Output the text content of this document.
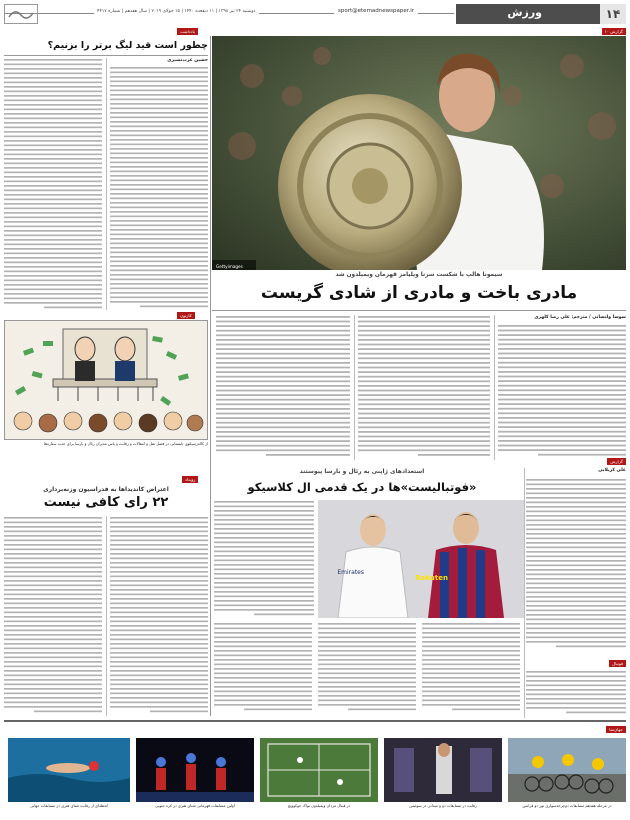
۱۴
ورزش
sport@etemadnewspaper.ir
دوشنبه ۲۴ تیر ۱۳۹۸ | ۱۱ ذیقعده ۱۴۴۰ | ۱۵ جولای ۲۰۱۹ | سال هفدهم | شماره ۴۴۱۷
گزارش ۱۰
Gettyimages
سیمونا هالپ با شکست سرنا ویلیامز قهرمان ویمبلدون شد
مادری باخت و مادری از شادی گریست
سوسا ولتسانی / مترجم: علی رضا کلهری
یادداشت
چطور است قید لیگ برتر را بزنیم؟
حسین عرب‌نشیری
کارتون
از کالدرسیکوی تابستانی در فصل نقل و انتقالات و رقابت و پاس مدیران رئال و بارسا برای جذب ستاره‌ها
رویداد
اعتراض کاندیداها به فدراسیون وزنه‌برداری
۲۲ رای کافی نیست
استعدادهای ژاپنی به رئال و بارسا پیوستند
«فوتبالیست»ها در یک قدمی ال کلاسیکو
Emirates
Rakuten
علی کربلایی
گزارش
فوتبال
جهان‌نما
در مرحله هفدهم مسابقات دوچرخه‌سواری تور دو فرانس
رقابت در مسابقات دو و میدانی در سوئیس
در فینال مردان ویمبلدون نواک جوکوویچ
اولین مسابقات قهرمانی شنای هنری در کره جنوبی
لحظه‌ای از رقابت شنای هنری در مسابقات جهانی
